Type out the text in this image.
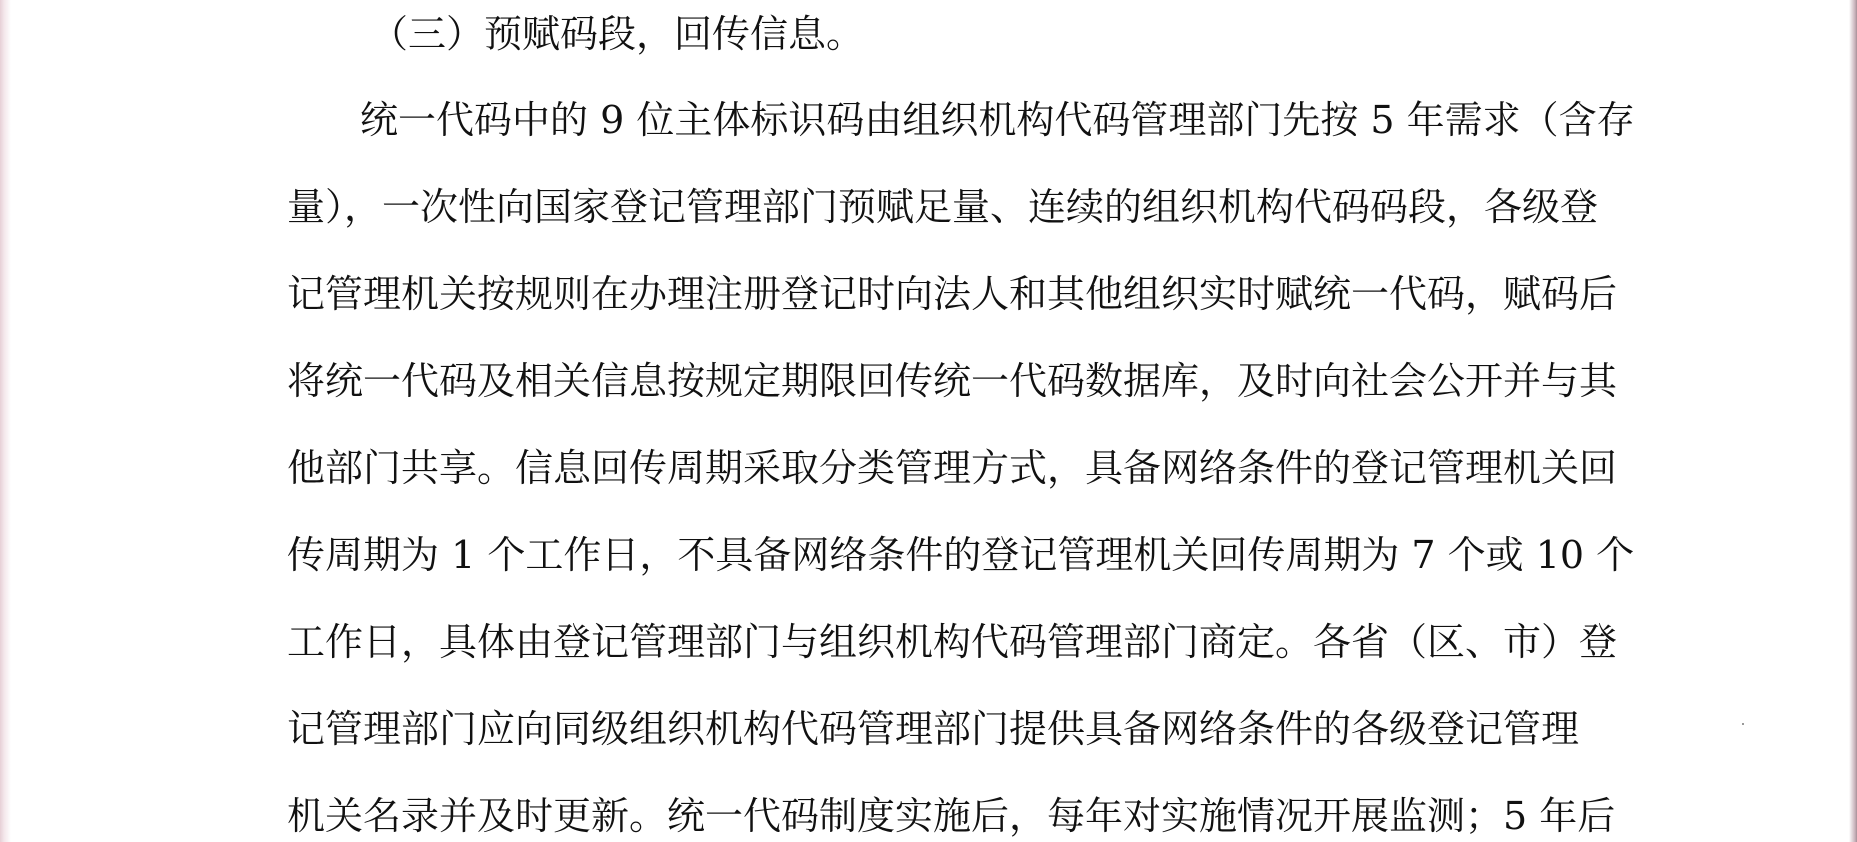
（三）预赋码段，回传信息。
统一代码中的 9 位主体标识码由组织机构代码管理部门先按 5 年需求（含存
量），一次性向国家登记管理部门预赋足量、连续的组织机构代码码段，各级登
记管理机关按规则在办理注册登记时向法人和其他组织实时赋统一代码，赋码后
将统一代码及相关信息按规定期限回传统一代码数据库，及时向社会公开并与其
他部门共享。信息回传周期采取分类管理方式，具备网络条件的登记管理机关回
传周期为 1 个工作日，不具备网络条件的登记管理机关回传周期为 7 个或 10 个
工作日，具体由登记管理部门与组织机构代码管理部门商定。各省（区、市）登
记管理部门应向同级组织机构代码管理部门提供具备网络条件的各级登记管理
机关名录并及时更新。统一代码制度实施后，每年对实施情况开展监测；5 年后
